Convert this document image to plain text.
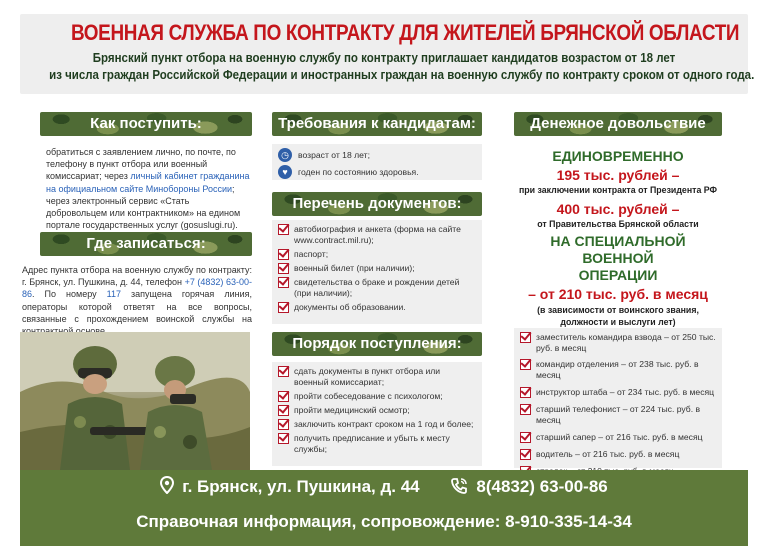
ВОЕННАЯ СЛУЖБА ПО КОНТРАКТУ ДЛЯ ЖИТЕЛЕЙ БРЯНСКОЙ ОБЛАСТИ
Брянский пункт отбора на военную службу по контракту приглашает кандидатов возрастом от 18 лет
из числа граждан Российской Федерации и иностранных граждан на военную службу по контракту сроком от одного года.
Как поступить:
обратиться с заявлением лично, по почте, по телефону в пункт отбора или военный комиссариат; через личный кабинет гражданина на официальном сайте Минобороны России; через электронный сервис «Стать добровольцем или контрактником» на едином портале государственных услуг (gosuslugi.ru).
Где записаться:
Адрес пункта отбора на военную службу по контракту: г. Брянск, ул. Пушкина, д. 44, телефон +7 (4832) 63-00-86. По номеру 117 запущена горячая линия, операторы которой ответят на все вопросы, связанные с прохождением воинской службы на
Требования к кандидатам:
◷	возраст от 18 лет;
♥	годен по состоянию здоровья.
Перечень документов:
автобиография и анкета (форма на сайте www.contract.mil.ru);
паспорт;
военный билет (при наличии);
свидетельства о браке и рождении детей (при наличии);
документы об образовании.
Порядок поступления:
сдать документы в пункт отбора или военный комиссариат;
пройти собеседование с психологом;
пройти медицинский осмотр;
заключить контракт сроком на 1 год и более;
получить предписание и убыть к месту службы;
Денежное довольствие
ЕДИНОВРЕМЕННО
195 тыс. рублей –
при заключении контракта от Президента РФ
400 тыс. рублей –
от Правительства Брянской области
НА СПЕЦИАЛЬНОЙ ВОЕННОЙ
ОПЕРАЦИИ
– от 210 тыс. руб. в месяц
(в зависимости от воинского звания, должности и выслуги лет)
заместитель командира взвода – от 250 тыс. руб. в месяц
командир отделения – от 238 тыс. руб. в месяц
инструктор штаба – от 234 тыс. руб. в месяц
старший телефонист – от 224 тыс. руб. в месяц
старший сапер – от 216 тыс. руб. в месяц
водитель – от 216 тыс. руб. в месяц
г. Брянск, ул. Пушкина, д. 44	8(4832) 63-00-86
Справочная информация, сопровождение: 8-910-335-14-34
